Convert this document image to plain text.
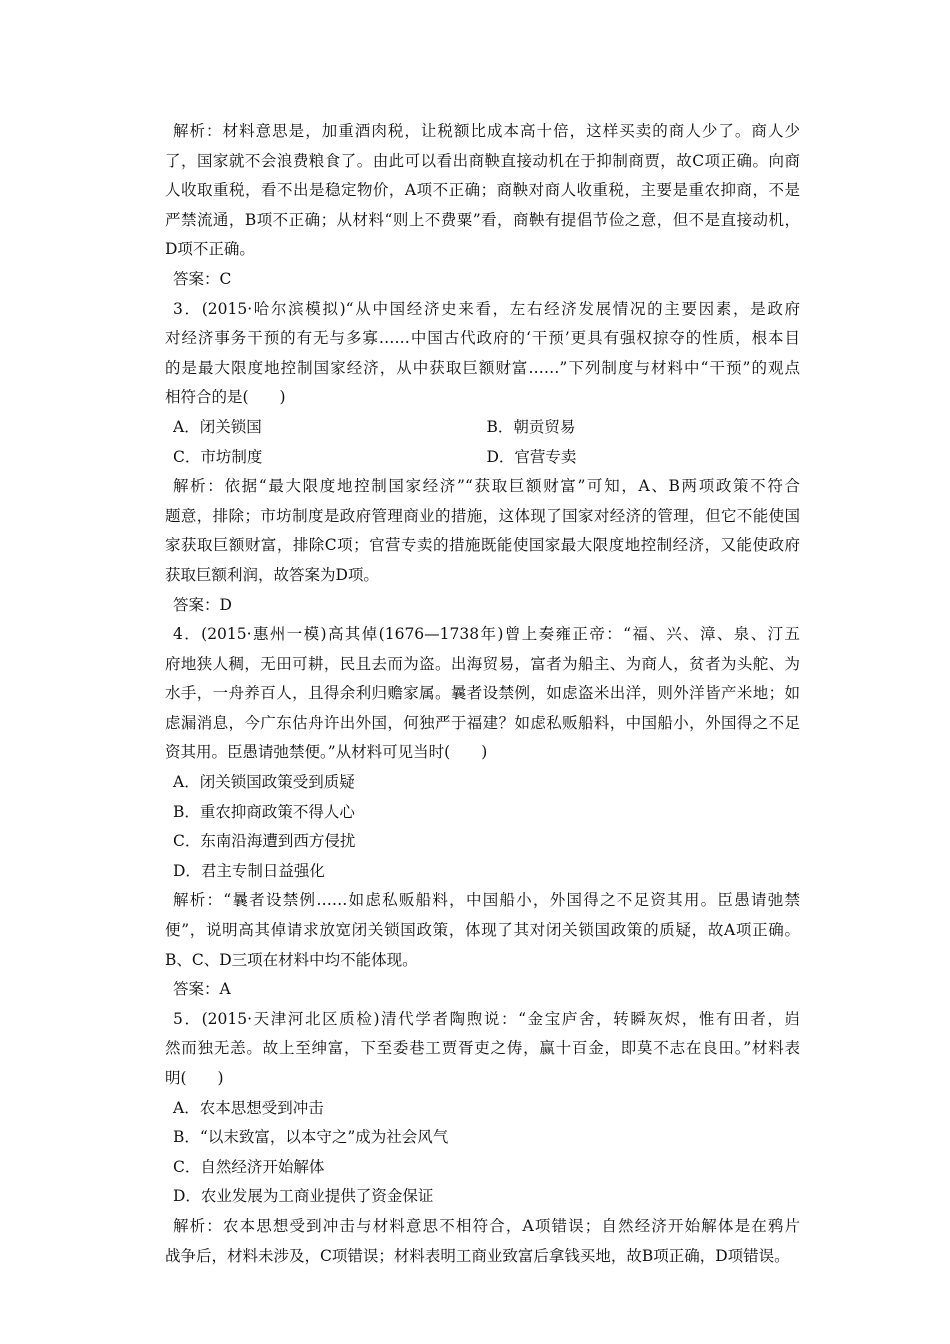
解析：材料意思是，加重酒肉税，让税额比成本高十倍，这样买卖的商人少了。商人少
了，国家就不会浪费粮食了。由此可以看出商鞅直接动机在于抑制商贾，故C项正确。向商
人收取重税，看不出是稳定物价，A项不正确；商鞅对商人收重税，主要是重农抑商，不是
严禁流通，B项不正确；从材料“则上不费粟”看，商鞅有提倡节俭之意，但不是直接动机，
D项不正确。
答案：C
3．(2015·哈尔滨模拟)“从中国经济史来看，左右经济发展情况的主要因素，是政府
对经济事务干预的有无与多寡……中国古代政府的‘干预’更具有强权掠夺的性质，根本目
的是最大限度地控制国家经济，从中获取巨额财富……”下列制度与材料中“干预”的观点
相符合的是(　　)
A．闭关锁国	B．朝贡贸易
C．市坊制度	D．官营专卖
解析：依据“最大限度地控制国家经济”“获取巨额财富”可知，A、B两项政策不符合
题意，排除；市坊制度是政府管理商业的措施，这体现了国家对经济的管理，但它不能使国
家获取巨额财富，排除C项；官营专卖的措施既能使国家最大限度地控制经济，又能使政府
获取巨额利润，故答案为D项。
答案：D
4．(2015·惠州一模)高其倬(1676—1738年)曾上奏雍正帝：“福、兴、漳、泉、汀五
府地狭人稠，无田可耕，民且去而为盗。出海贸易，富者为船主、为商人，贫者为头舵、为
水手，一舟养百人，且得余利归赡家属。曩者设禁例，如虑盗米出洋，则外洋皆产米地；如
虑漏消息，今广东估舟许出外国，何独严于福建？如虑私贩船料，中国船小，外国得之不足
资其用。臣愚请弛禁便。”从材料可见当时(　　)
A．闭关锁国政策受到质疑
B．重农抑商政策不得人心
C．东南沿海遭到西方侵扰
D．君主专制日益强化
解析：“曩者设禁例……如虑私贩船料，中国船小，外国得之不足资其用。臣愚请弛禁
便”，说明高其倬请求放宽闭关锁国政策，体现了其对闭关锁国政策的质疑，故A项正确。
B、C、D三项在材料中均不能体现。
答案：A
5．(2015·天津河北区质检)清代学者陶煦说：“金宝庐舍，转瞬灰烬，惟有田者，岿
然而独无恙。故上至绅富，下至委巷工贾胥吏之俦，赢十百金，即莫不志在良田。”材料表
明(　　)
A．农本思想受到冲击
B．“以末致富，以本守之”成为社会风气
C．自然经济开始解体
D．农业发展为工商业提供了资金保证
解析：农本思想受到冲击与材料意思不相符合，A项错误；自然经济开始解体是在鸦片
战争后，材料未涉及，C项错误；材料表明工商业致富后拿钱买地，故B项正确，D项错误。
